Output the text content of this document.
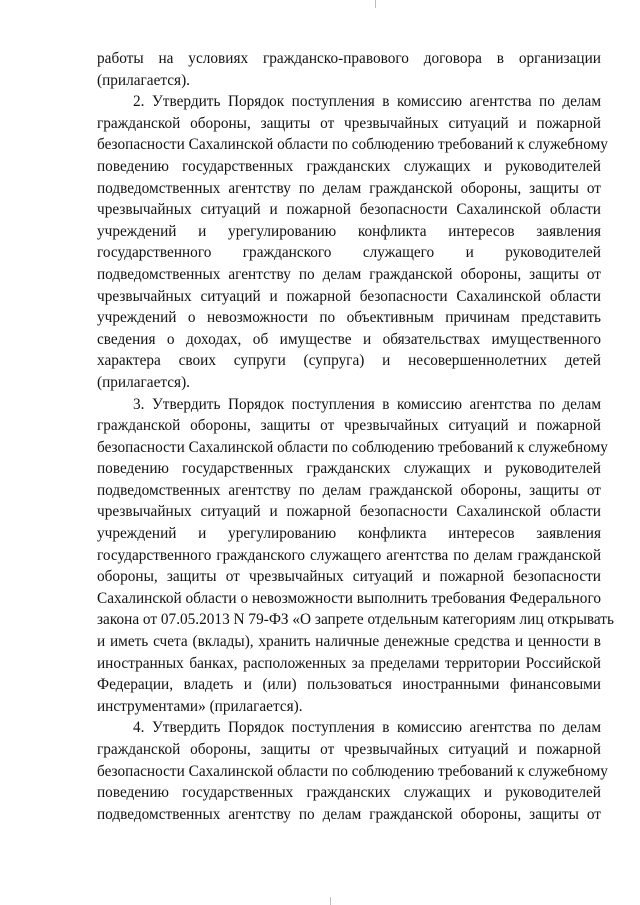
работы на условиях гражданско-правового договора в организации
(прилагается).
2. Утвердить Порядок поступления в комиссию агентства по делам
гражданской обороны, защиты от чрезвычайных ситуаций и пожарной
безопасности Сахалинской области по соблюдению требований к служебному
поведению государственных гражданских служащих и руководителей
подведомственных агентству по делам гражданской обороны, защиты от
чрезвычайных ситуаций и пожарной безопасности Сахалинской области
учреждений и урегулированию конфликта интересов заявления
государственного гражданского служащего и руководителей
подведомственных агентству по делам гражданской обороны, защиты от
чрезвычайных ситуаций и пожарной безопасности Сахалинской области
учреждений о невозможности по объективным причинам представить
сведения о доходах, об имуществе и обязательствах имущественного
характера своих супруги (супруга) и несовершеннолетних детей
(прилагается).
3. Утвердить Порядок поступления в комиссию агентства по делам
гражданской обороны, защиты от чрезвычайных ситуаций и пожарной
безопасности Сахалинской области по соблюдению требований к служебному
поведению государственных гражданских служащих и руководителей
подведомственных агентству по делам гражданской обороны, защиты от
чрезвычайных ситуаций и пожарной безопасности Сахалинской области
учреждений и урегулированию конфликта интересов заявления
государственного гражданского служащего агентства по делам гражданской
обороны, защиты от чрезвычайных ситуаций и пожарной безопасности
Сахалинской области о невозможности выполнить требования Федерального
закона от 07.05.2013 N 79-ФЗ «О запрете отдельным категориям лиц открывать
и иметь счета (вклады), хранить наличные денежные средства и ценности в
иностранных банках, расположенных за пределами территории Российской
Федерации, владеть и (или) пользоваться иностранными финансовыми
инструментами» (прилагается).
4. Утвердить Порядок поступления в комиссию агентства по делам
гражданской обороны, защиты от чрезвычайных ситуаций и пожарной
безопасности Сахалинской области по соблюдению требований к служебному
поведению государственных гражданских служащих и руководителей
подведомственных агентству по делам гражданской обороны, защиты от
